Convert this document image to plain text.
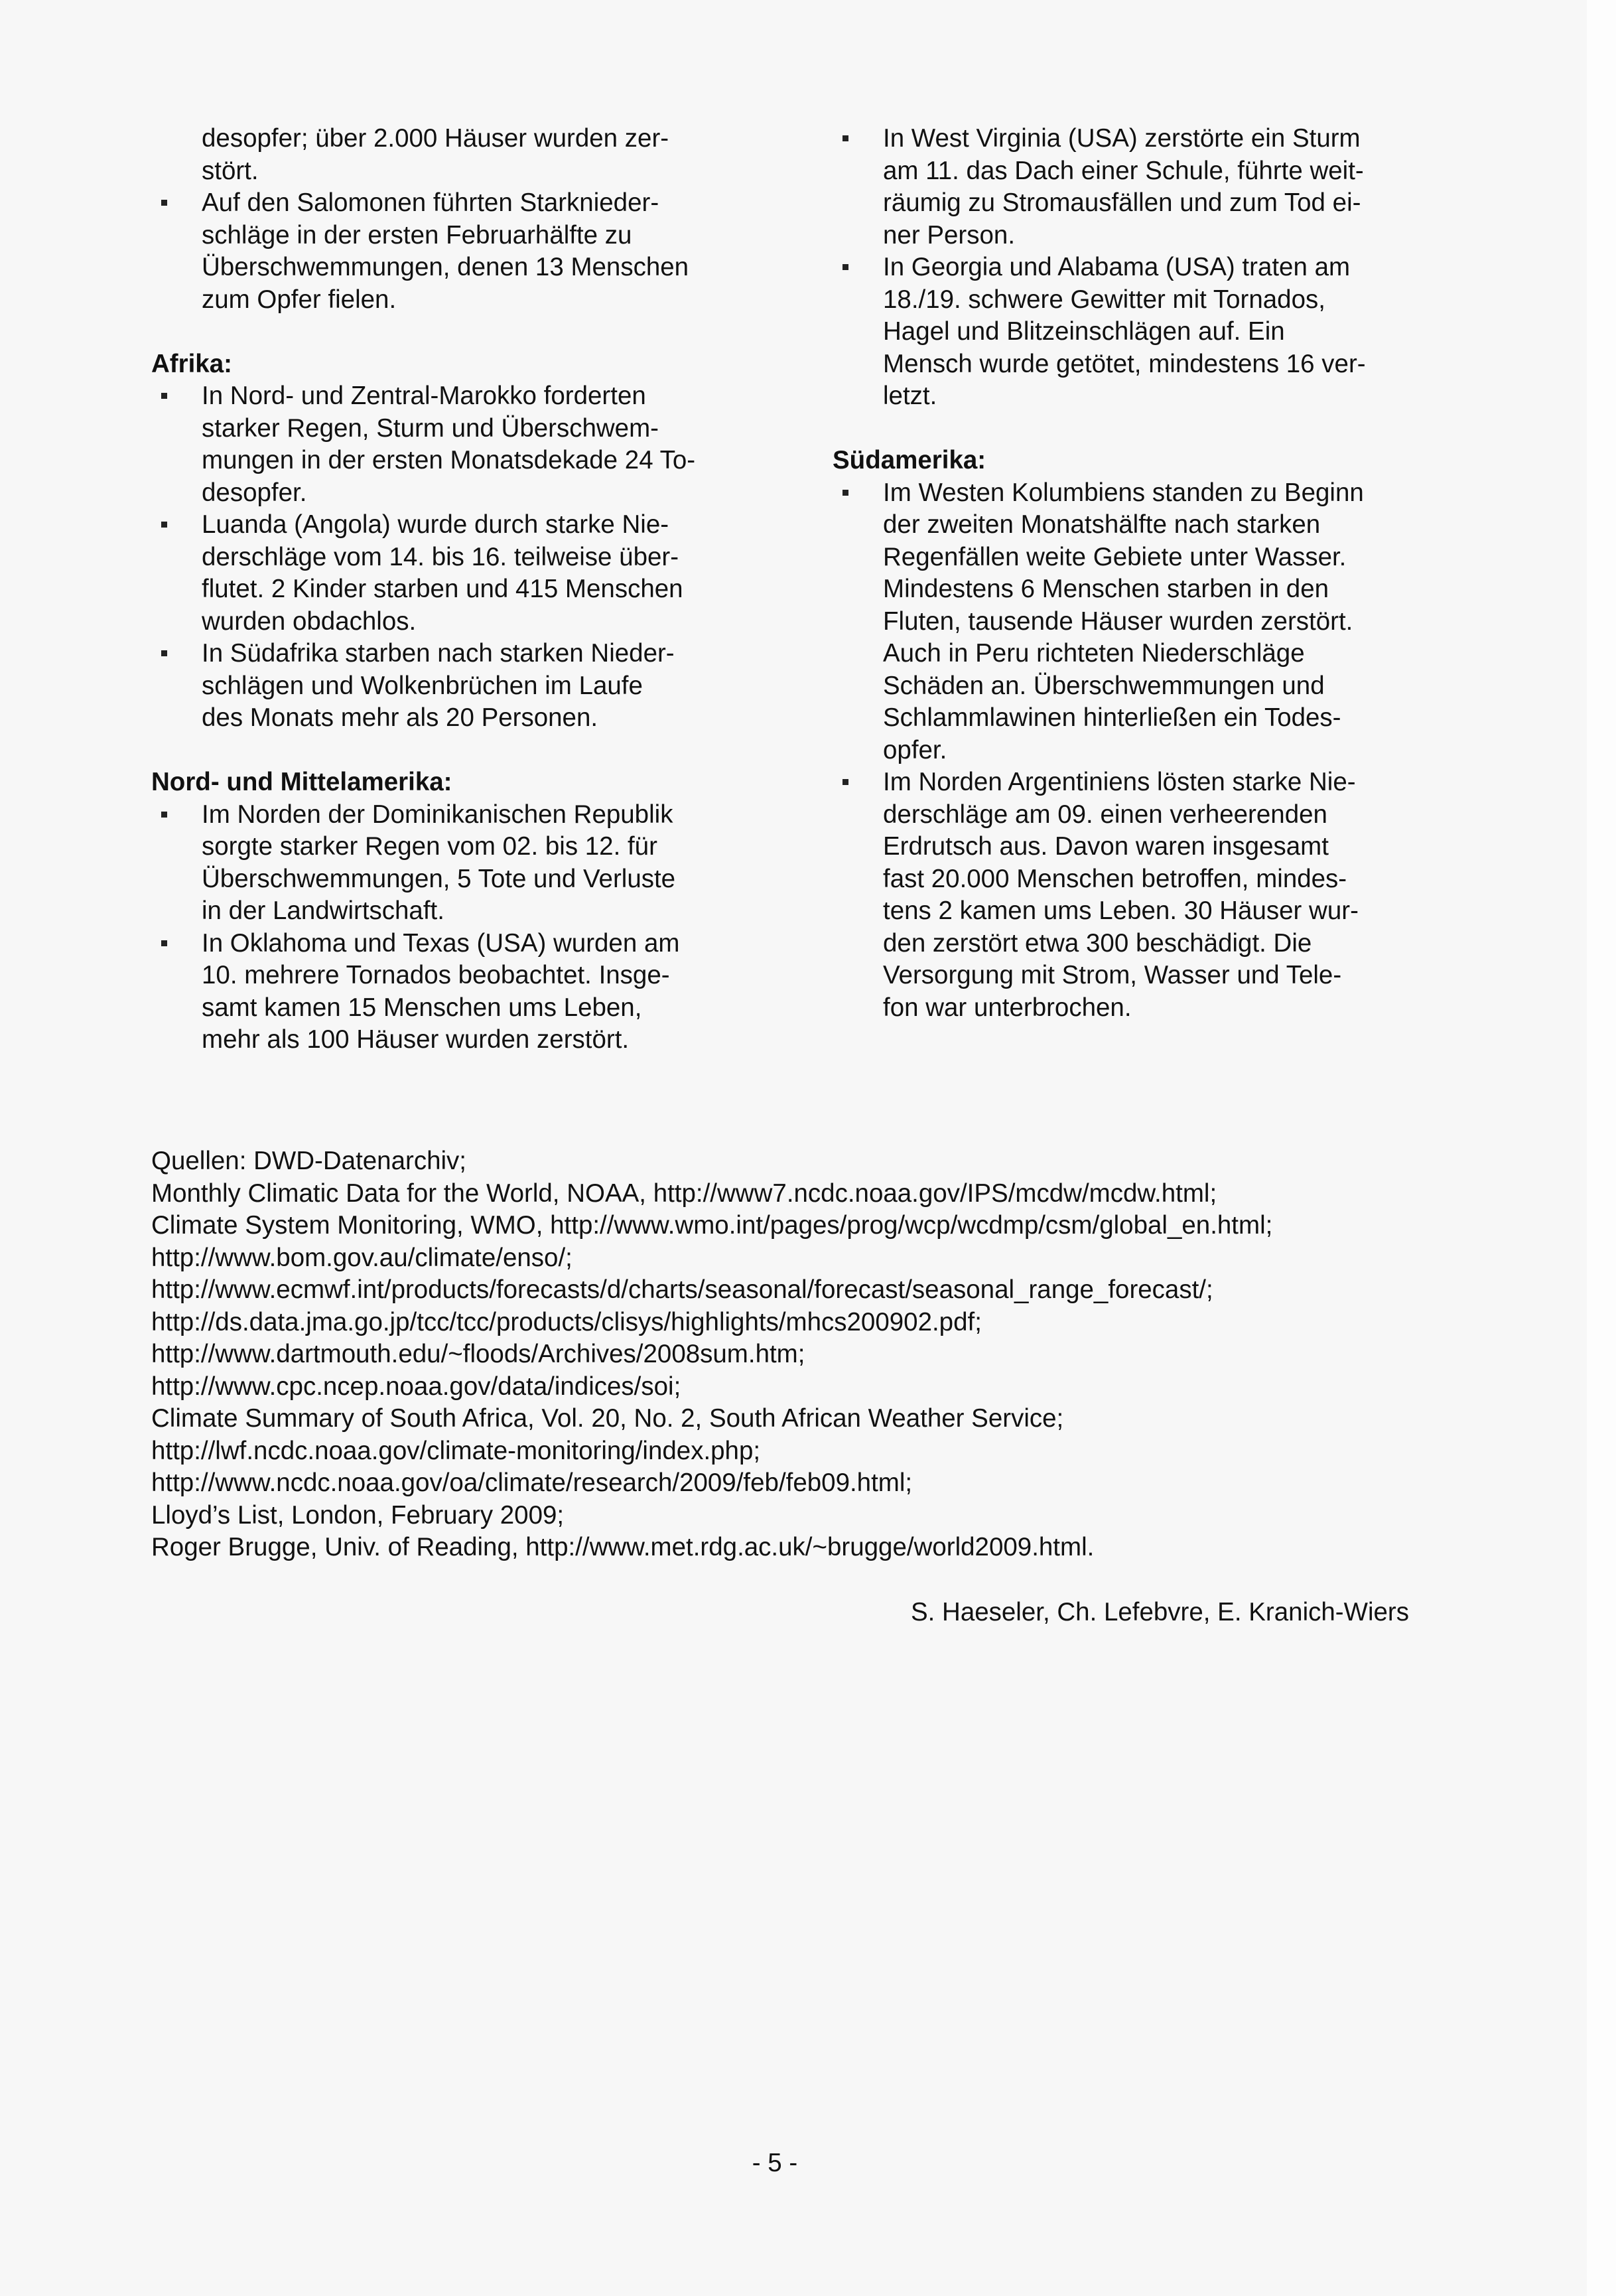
desopfer; über 2.000 Häuser wurden zer-
stört.
Auf den Salomonen führten Starknieder-
schläge in der ersten Februarhälfte zu
Überschwemmungen, denen 13 Menschen
zum Opfer fielen.
Afrika:
In Nord- und Zentral-Marokko forderten
starker Regen, Sturm und Überschwem-
mungen in der ersten Monatsdekade 24 To-
desopfer.
Luanda (Angola) wurde durch starke Nie-
derschläge vom 14. bis 16. teilweise über-
flutet. 2 Kinder starben und 415 Menschen
wurden obdachlos.
In Südafrika starben nach starken Nieder-
schlägen und Wolkenbrüchen im Laufe
des Monats mehr als 20 Personen.
Nord- und Mittelamerika:
Im Norden der Dominikanischen Republik
sorgte starker Regen vom 02. bis 12. für
Überschwemmungen, 5 Tote und Verluste
in der Landwirtschaft.
In Oklahoma und Texas (USA) wurden am
10. mehrere Tornados beobachtet. Insge-
samt kamen 15 Menschen ums Leben,
mehr als 100 Häuser wurden zerstört.
In West Virginia (USA) zerstörte ein Sturm
am 11. das Dach einer Schule, führte weit-
räumig zu Stromausfällen und zum Tod ei-
ner Person.
In Georgia und Alabama (USA) traten am
18./19. schwere Gewitter mit Tornados,
Hagel und Blitzeinschlägen auf. Ein
Mensch wurde getötet, mindestens 16 ver-
letzt.
Südamerika:
Im Westen Kolumbiens standen zu Beginn
der zweiten Monatshälfte nach starken
Regenfällen weite Gebiete unter Wasser.
Mindestens 6 Menschen starben in den
Fluten, tausende Häuser wurden zerstört.
Auch in Peru richteten Niederschläge
Schäden an. Überschwemmungen und
Schlammlawinen hinterließen ein Todes-
opfer.
Im Norden Argentiniens lösten starke Nie-
derschläge am 09. einen verheerenden
Erdrutsch aus. Davon waren insgesamt
fast 20.000 Menschen betroffen, mindes-
tens 2 kamen ums Leben. 30 Häuser wur-
den zerstört etwa 300 beschädigt. Die
Versorgung mit Strom, Wasser und Tele-
fon war unterbrochen.
Quellen: DWD-Datenarchiv;
Monthly Climatic Data for the World, NOAA, http://www7.ncdc.noaa.gov/IPS/mcdw/mcdw.html;
Climate System Monitoring, WMO, http://www.wmo.int/pages/prog/wcp/wcdmp/csm/global_en.html;
http://www.bom.gov.au/climate/enso/;
http://www.ecmwf.int/products/forecasts/d/charts/seasonal/forecast/seasonal_range_forecast/;
http://ds.data.jma.go.jp/tcc/tcc/products/clisys/highlights/mhcs200902.pdf;
http://www.dartmouth.edu/~floods/Archives/2008sum.htm;
http://www.cpc.ncep.noaa.gov/data/indices/soi;
Climate Summary of South Africa, Vol. 20, No. 2, South African Weather Service;
http://lwf.ncdc.noaa.gov/climate-monitoring/index.php;
http://www.ncdc.noaa.gov/oa/climate/research/2009/feb/feb09.html;
Lloyd’s List, London, February 2009;
Roger Brugge, Univ. of Reading, http://www.met.rdg.ac.uk/~brugge/world2009.html.
S. Haeseler, Ch. Lefebvre, E. Kranich-Wiers
- 5 -
